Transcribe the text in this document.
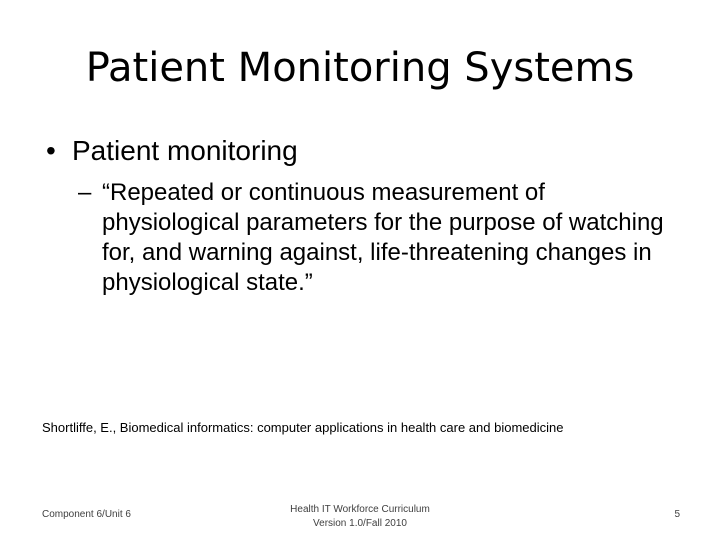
Patient Monitoring Systems
• Patient monitoring
– “Repeated or continuous measurement of physiological parameters for the purpose of watching for, and warning against, life-threatening changes in physiological state.”
Shortliffe, E., Biomedical informatics: computer applications in health care and biomedicine
Component 6/Unit 6	Health IT Workforce Curriculum
Version 1.0/Fall 2010
5
